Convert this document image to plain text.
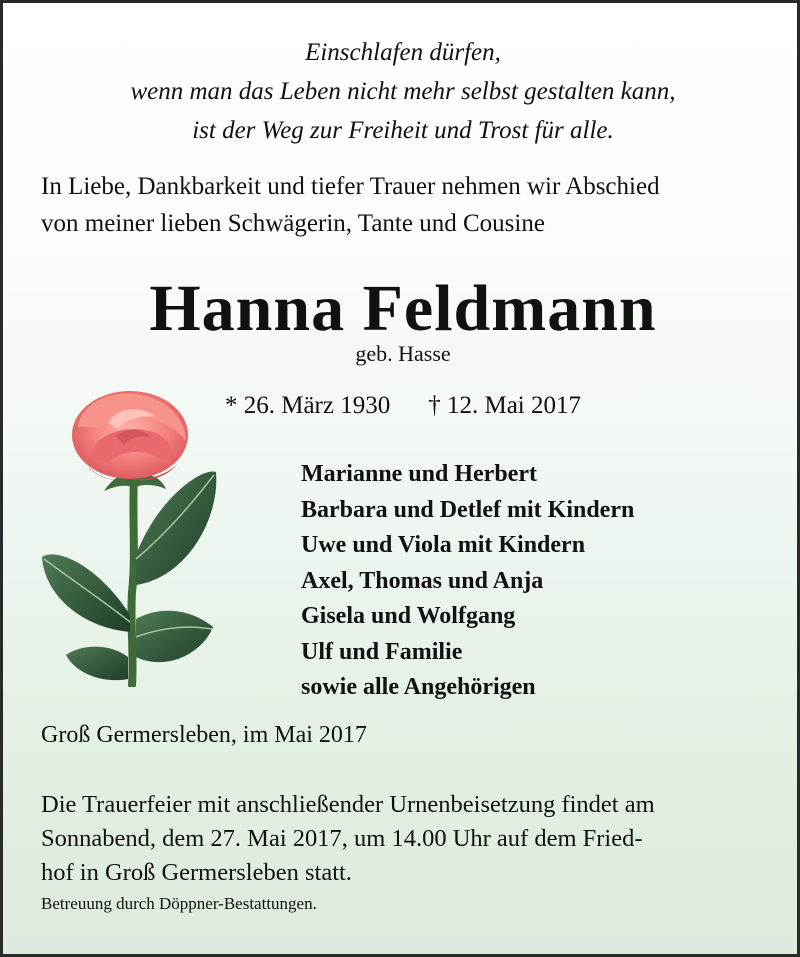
Einschlafen dürfen,
wenn man das Leben nicht mehr selbst gestalten kann,
ist der Weg zur Freiheit und Trost für alle.
In Liebe, Dankbarkeit und tiefer Trauer nehmen wir Abschied
von meiner lieben Schwägerin, Tante und Cousine
Hanna Feldmann
geb. Hasse
* 26. März 1930 † 12. Mai 2017
Marianne und Herbert
Barbara und Detlef mit Kindern
Uwe und Viola mit Kindern
Axel, Thomas und Anja
Gisela und Wolfgang
Ulf und Familie
sowie alle Angehörigen
Groß Germersleben, im Mai 2017
Die Trauerfeier mit anschließender Urnenbeisetzung findet am
Sonnabend, dem 27. Mai 2017, um 14.00 Uhr auf dem Fried-
hof in Groß Germersleben statt.
Betreuung durch Döppner-Bestattungen.
